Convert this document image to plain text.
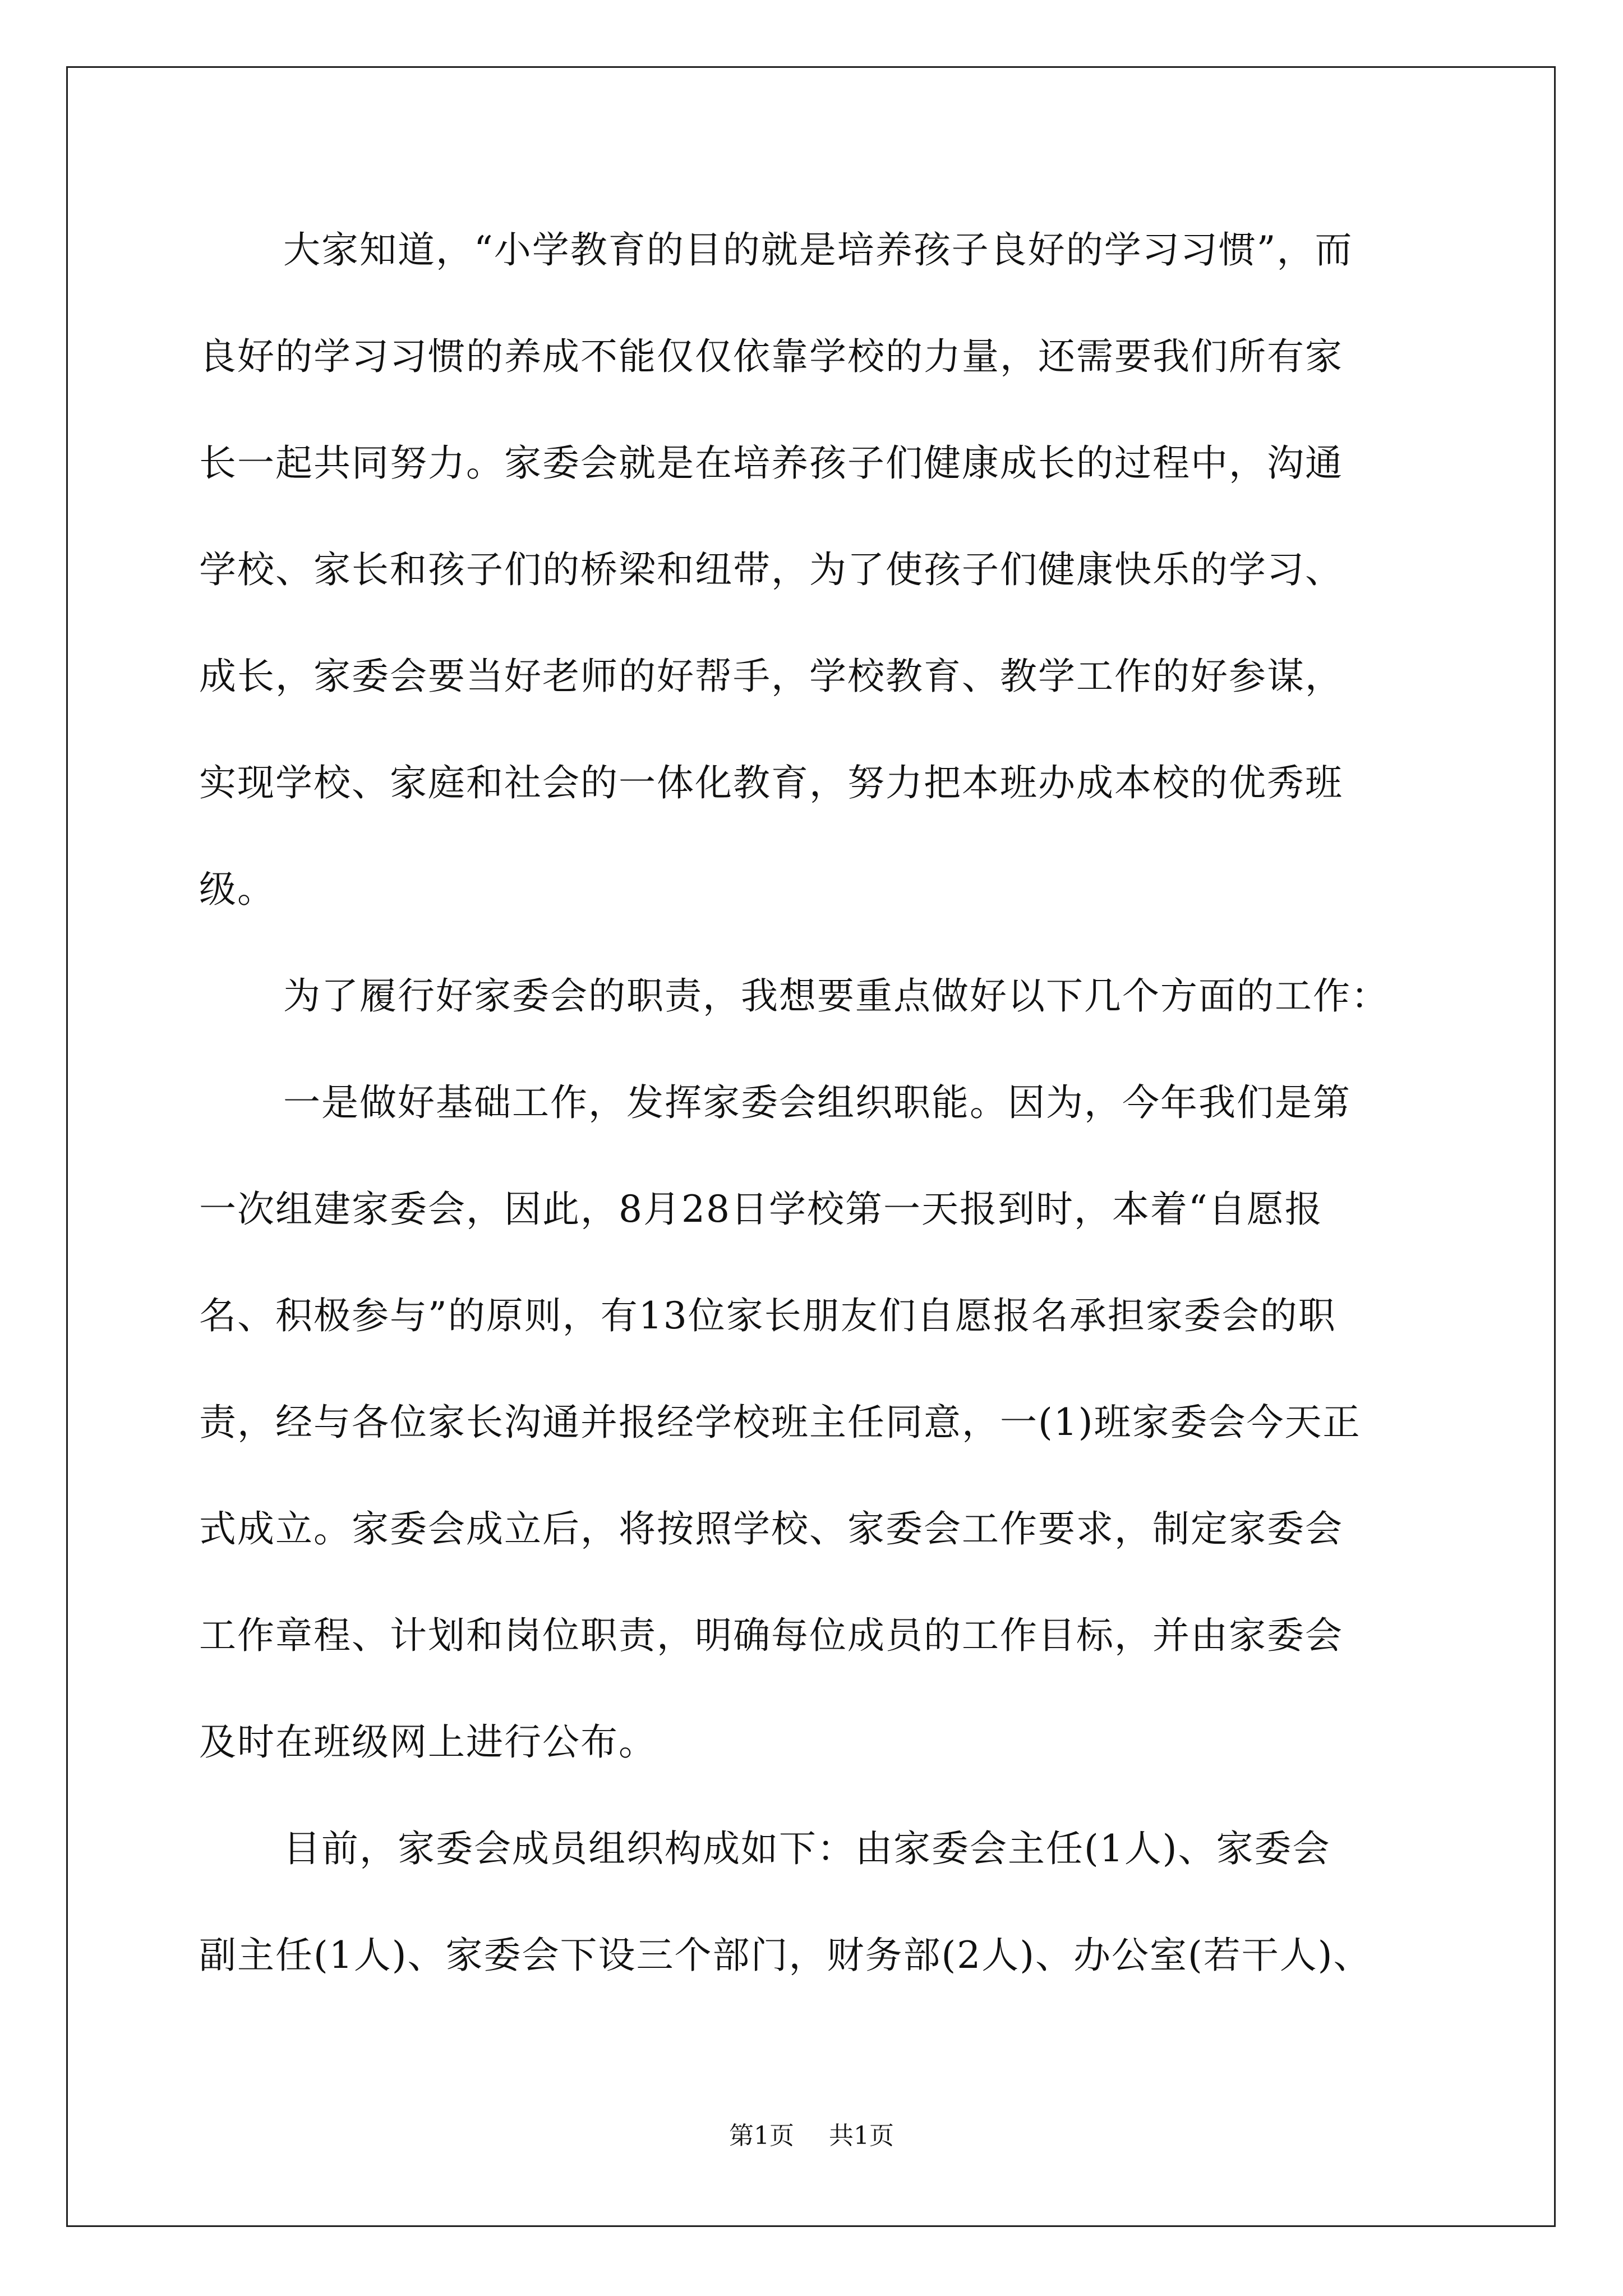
大家知道，“小学教育的目的就是培养孩子良好的学习习惯”，而
良好的学习习惯的养成不能仅仅依靠学校的力量，还需要我们所有家
长一起共同努力。家委会就是在培养孩子们健康成长的过程中，沟通
学校、家长和孩子们的桥梁和纽带，为了使孩子们健康快乐的学习、
成长，家委会要当好老师的好帮手，学校教育、教学工作的好参谋，
实现学校、家庭和社会的一体化教育，努力把本班办成本校的优秀班
级。
为了履行好家委会的职责，我想要重点做好以下几个方面的工作：
一是做好基础工作，发挥家委会组织职能。因为，今年我们是第
一次组建家委会，因此，8月28日学校第一天报到时，本着“自愿报
名、积极参与”的原则，有13位家长朋友们自愿报名承担家委会的职
责，经与各位家长沟通并报经学校班主任同意，一(1)班家委会今天正
式成立。家委会成立后，将按照学校、家委会工作要求，制定家委会
工作章程、计划和岗位职责，明确每位成员的工作目标，并由家委会
及时在班级网上进行公布。
目前，家委会成员组织构成如下：由家委会主任(1人)、家委会
副主任(1人)、家委会下设三个部门，财务部(2人)、办公室(若干人)、
第1页 共1页
